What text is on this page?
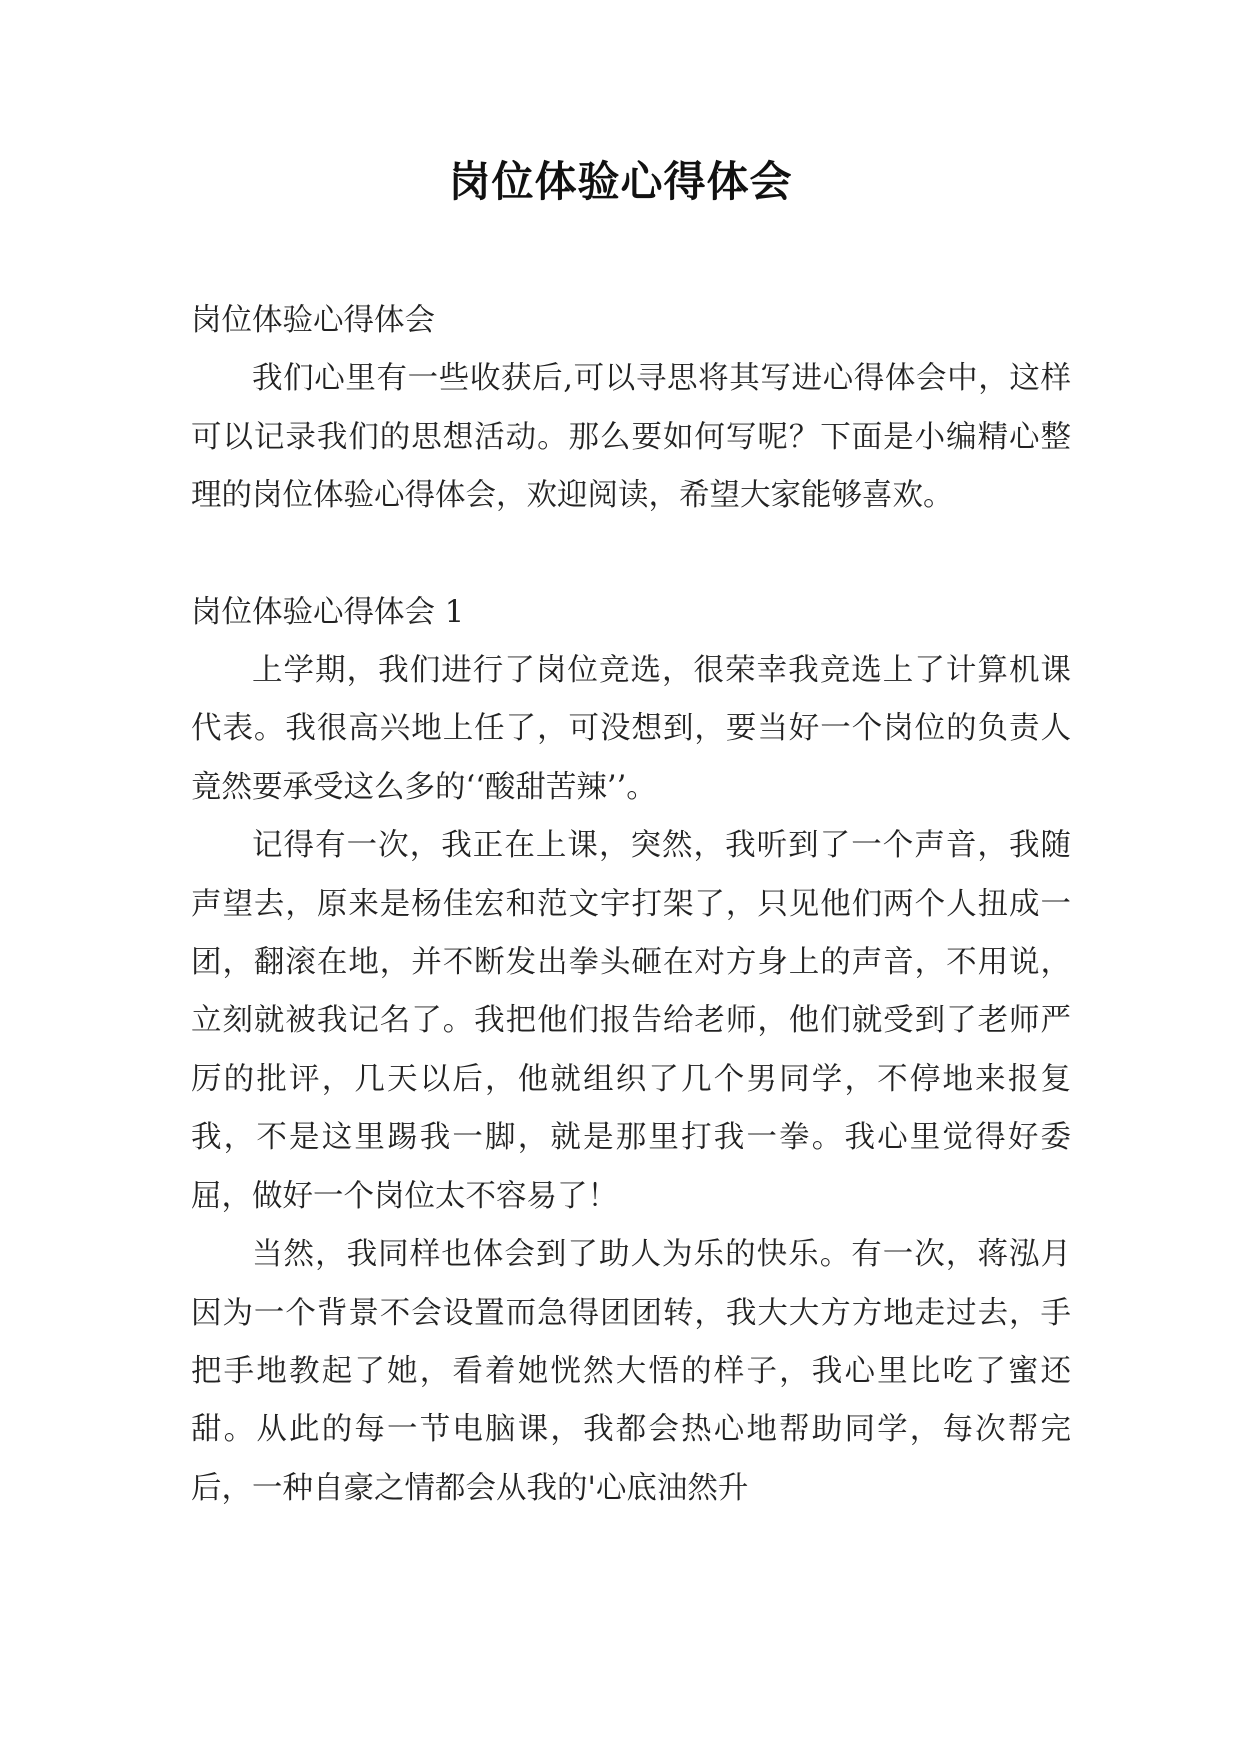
岗位体验心得体会

岗位体验心得体会

我们心里有一些收获后,可以寻思将其写进心得体会中，这样可以记录我们的思想活动。那么要如何写呢？下面是小编精心整理的岗位体验心得体会，欢迎阅读，希望大家能够喜欢。

岗位体验心得体会 1

上学期，我们进行了岗位竞选，很荣幸我竞选上了计算机课代表。我很高兴地上任了，可没想到，要当好一个岗位的负责人竟然要承受这么多的‘‘酸甜苦辣’’。

记得有一次，我正在上课，突然，我听到了一个声音，我随声望去，原来是杨佳宏和范文宇打架了，只见他们两个人扭成一团，翻滚在地，并不断发出拳头砸在对方身上的声音，不用说，立刻就被我记名了。我把他们报告给老师，他们就受到了老师严厉的批评，几天以后，他就组织了几个男同学，不停地来报复我，不是这里踢我一脚，就是那里打我一拳。我心里觉得好委屈，做好一个岗位太不容易了！

当然，我同样也体会到了助人为乐的快乐。有一次，蒋泓月因为一个背景不会设置而急得团团转，我大大方方地走过去，手把手地教起了她，看着她恍然大悟的样子，我心里比吃了蜜还甜。从此的每一节电脑课，我都会热心地帮助同学，每次帮完后，一种自豪之情都会从我的'心底油然升
